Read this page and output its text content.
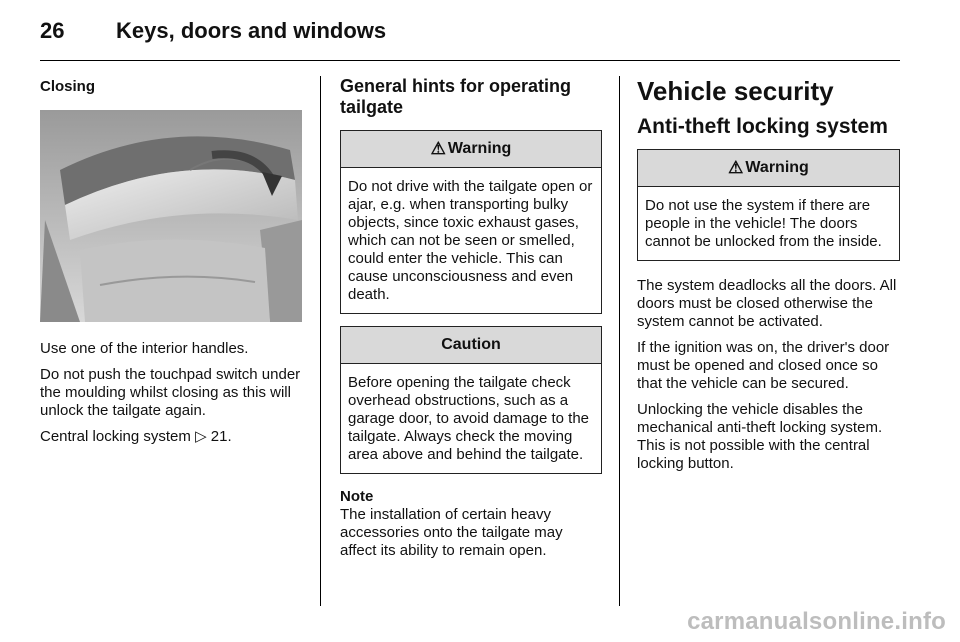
26 Keys, doors and windows
Closing

Use one of the interior handles.

Do not push the touchpad switch under the moulding whilst closing as this will unlock the tailgate again.

Central locking system ▷ 21.

General hints for operating tailgate
⚠ Warning
Do not drive with the tailgate open or ajar, e.g. when transporting bulky objects, since toxic exhaust gases, which can not be seen or smelled, could enter the vehicle. This can cause unconsciousness and even death.
Caution
Before opening the tailgate check overhead obstructions, such as a garage door, to avoid damage to the tailgate. Always check the moving area above and behind the tailgate.
Note
The installation of certain heavy accessories onto the tailgate may affect its ability to remain open.
Vehicle security
Anti-theft locking system
⚠ Warning
Do not use the system if there are people in the vehicle! The doors cannot be unlocked from the inside.

The system deadlocks all the doors. All doors must be closed otherwise the system cannot be activated.

If the ignition was on, the driver's door must be opened and closed once so that the vehicle can be secured.

Unlocking the vehicle disables the mechanical anti-theft locking system. This is not possible with the central locking button.

carmanualsonline.info
